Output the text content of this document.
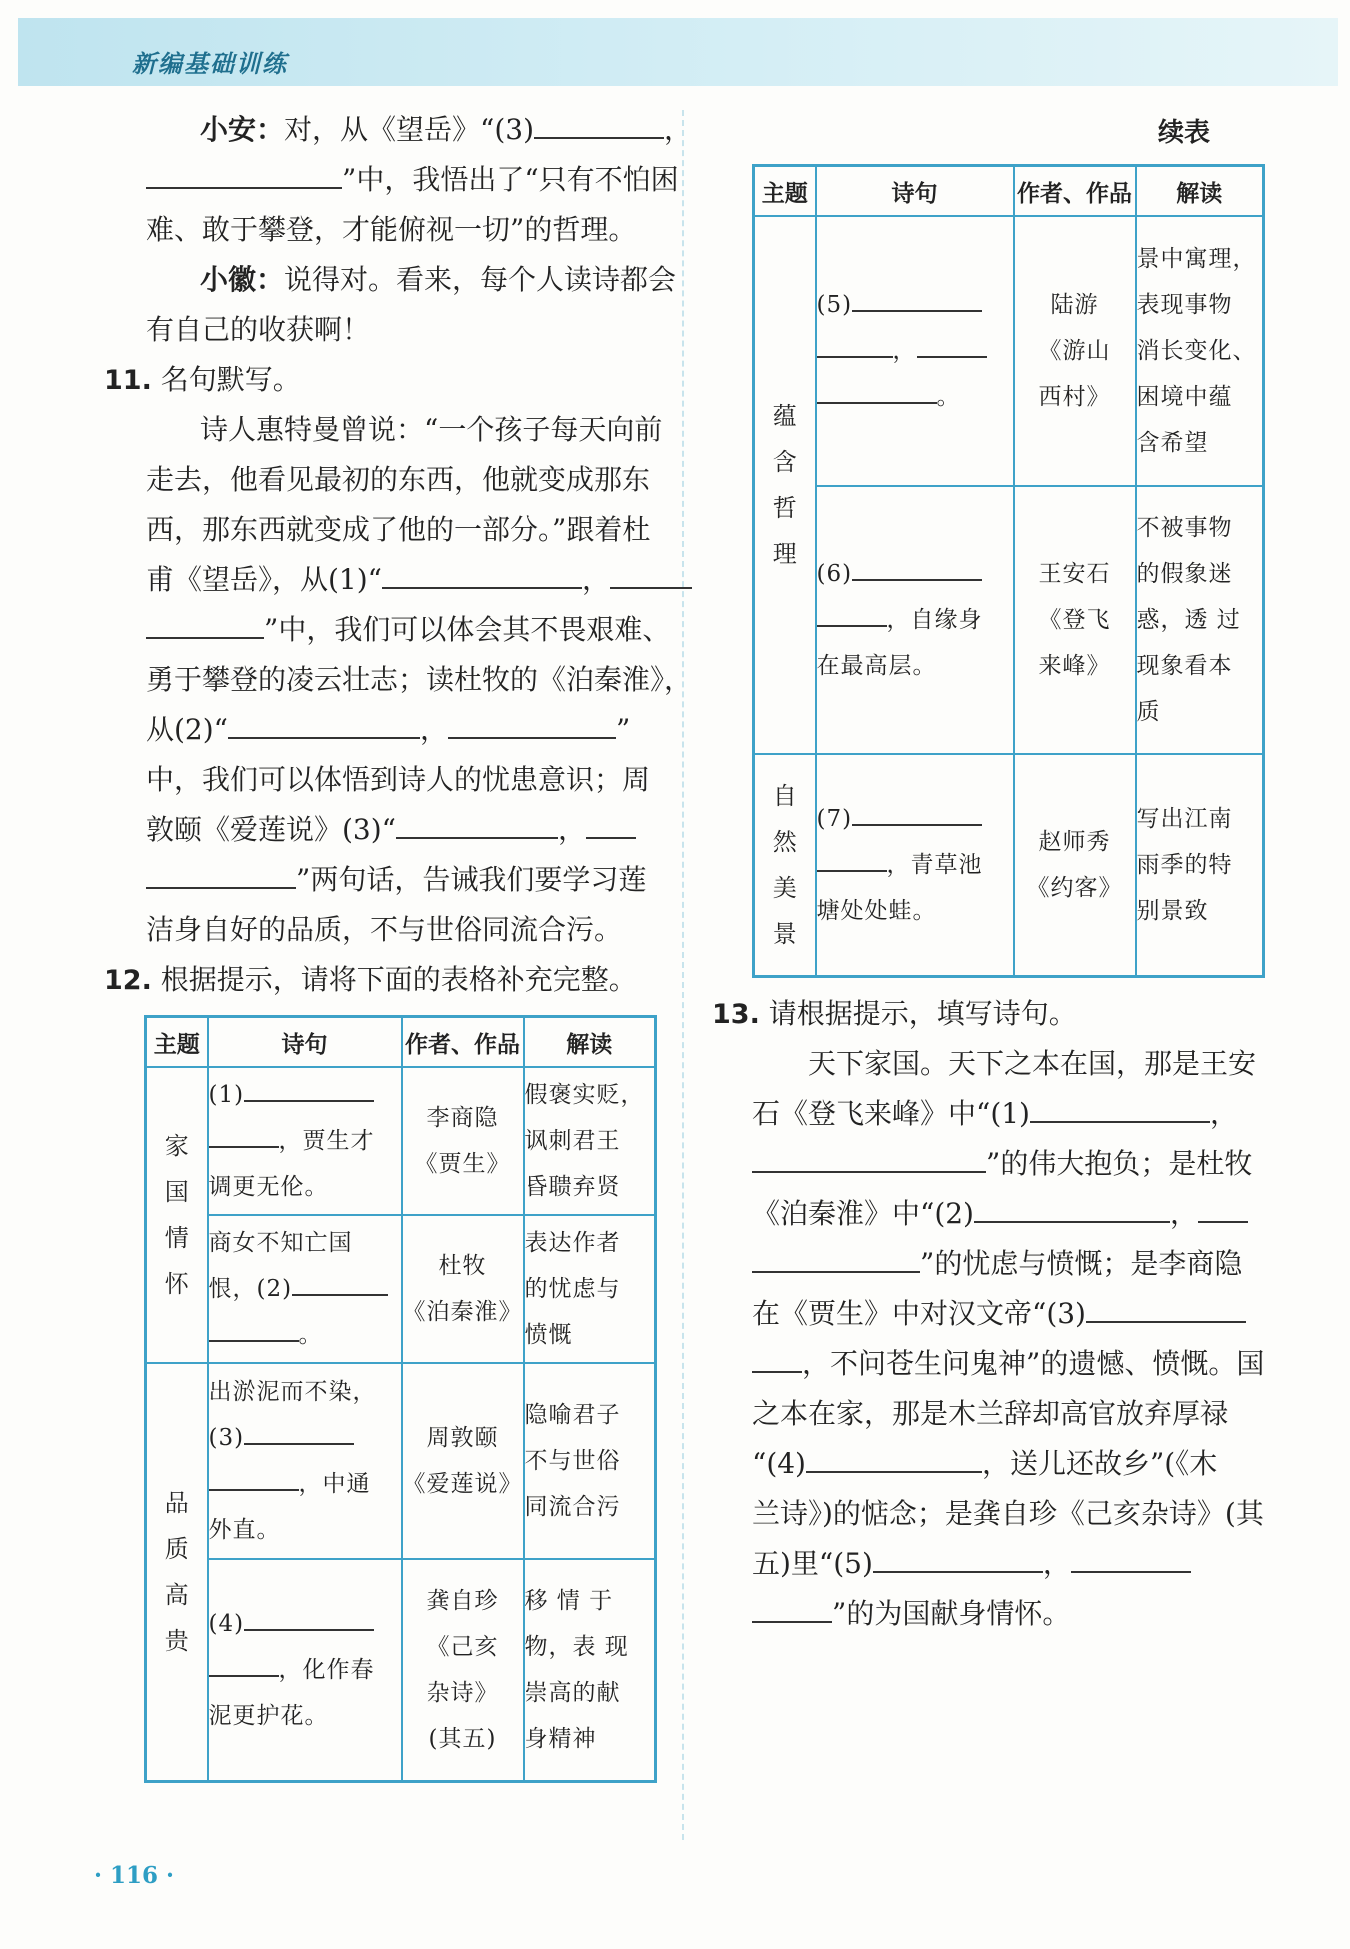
新编基础训练
小安：对，从《望岳》“(3)	，
”中，我悟出了“只有不怕困
难、敢于攀登，才能俯视一切”的哲理。
小徽：说得对。看来，每个人读诗都会
有自己的收获啊！
11. 名句默写。
诗人惠特曼曾说：“一个孩子每天向前
走去，他看见最初的东西，他就变成那东
西，那东西就变成了他的一部分。”跟着杜
甫《望岳》，从(1)“	，
”中，我们可以体会其不畏艰难、
勇于攀登的凌云壮志；读杜牧的《泊秦淮》，
从(2)“	，	”
中，我们可以体悟到诗人的忧患意识；周
敦颐《爱莲说》(3)“	，
”两句话，告诫我们要学习莲
洁身自好的品质，不与世俗同流合污。
12. 根据提示，请将下面的表格补充完整。
主题	诗句	作者、作品	解读
家
国
情
怀	(1)
，贾生才
调更无伦。	李商隐
《贾生》	假褒实贬，
讽刺君王
昏聩弃贤
	商女不知亡国
恨，(2)
。	杜牧
《泊秦淮》	表达作者
的忧虑与
愤慨
品
质
高
贵	出淤泥而不染，
(3)
，中通
外直。	周敦颐
《爱莲说》	隐喻君子
不与世俗
同流合污
	(4)
，化作春
泥更护花。	龚自珍
《己亥
杂诗》
(其五)	移 情 于
物，表 现
崇高的献
身精神
续表
主题	诗句	作者、作品	解读
蕴
含
哲
理	(5)
，
。	陆游
《游山
西村》	景中寓理，
表现事物
消长变化、
困境中蕴
含希望
	(6)
，自缘身
在最高层。	王安石
《登飞
来峰》	不被事物
的假象迷
惑，透 过
现象看本
质
自
然
美
景	(7)
，青草池
塘处处蛙。	赵师秀
《约客》	写出江南
雨季的特
别景致
13. 请根据提示，填写诗句。
天下家国。天下之本在国，那是王安
石《登飞来峰》中“(1)	，
”的伟大抱负；是杜牧
《泊秦淮》中“(2)	，
”的忧虑与愤慨；是李商隐
在《贾生》中对汉文帝“(3)
，不问苍生问鬼神”的遗憾、愤慨。国
之本在家，那是木兰辞却高官放弃厚禄
“(4)	，送儿还故乡”(《木
兰诗》)的惦念；是龚自珍《己亥杂诗》(其
五)里“(5)	，
”的为国献身情怀。
· 116 ·
